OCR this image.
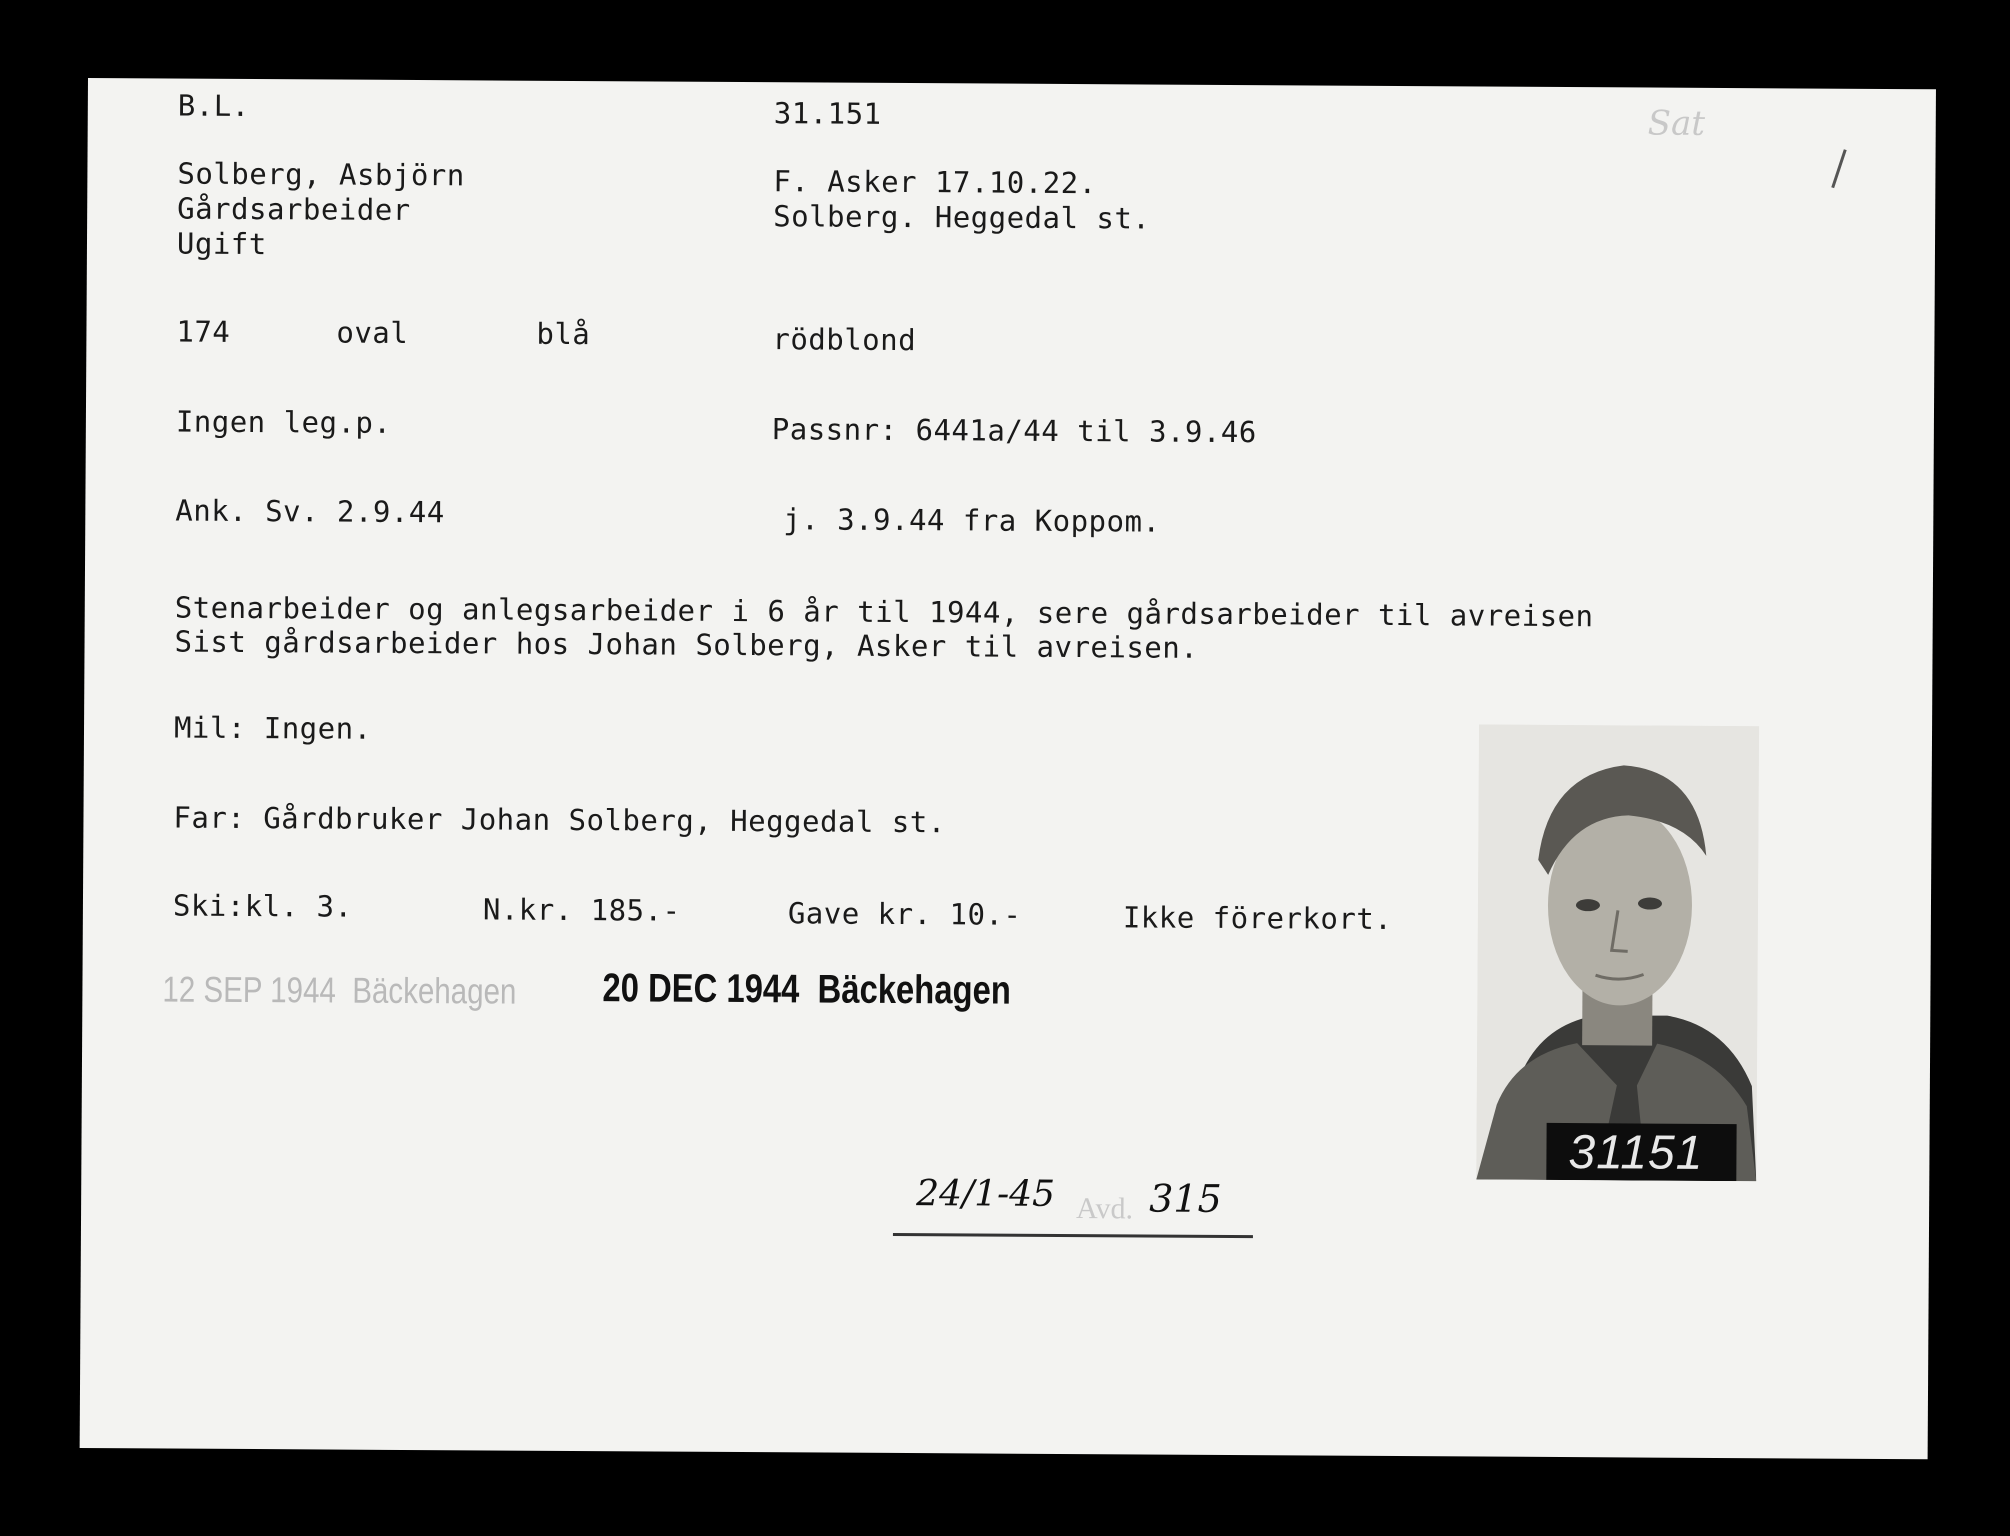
B.L.	31.151	Sat
Solberg, Asbjörn
Gårdsarbeider
Ugift
F. Asker 17.10.22.
Solberg. Heggedal st.
174	oval	blå	rödblond
Ingen leg.p.	Passnr: 6441a/44 til 3.9.46
Ank. Sv. 2.9.44	j. 3.9.44 fra Koppom.
Stenarbeider og anlegsarbeider i 6 år til 1944, sere gårdsarbeider til avreisen
Sist gårdsarbeider hos Johan Solberg, Asker til avreisen.
Mil: Ingen.
Far: Gårdbruker Johan Solberg, Heggedal st.
Ski:kl. 3.	N.kr. 185.-	Gave kr. 10.-	Ikke förerkort.
12 SEP 1944  Bäckehagen 20 DEC 1944  Bäckehagen
24/1-45 Avd. 315
31151
